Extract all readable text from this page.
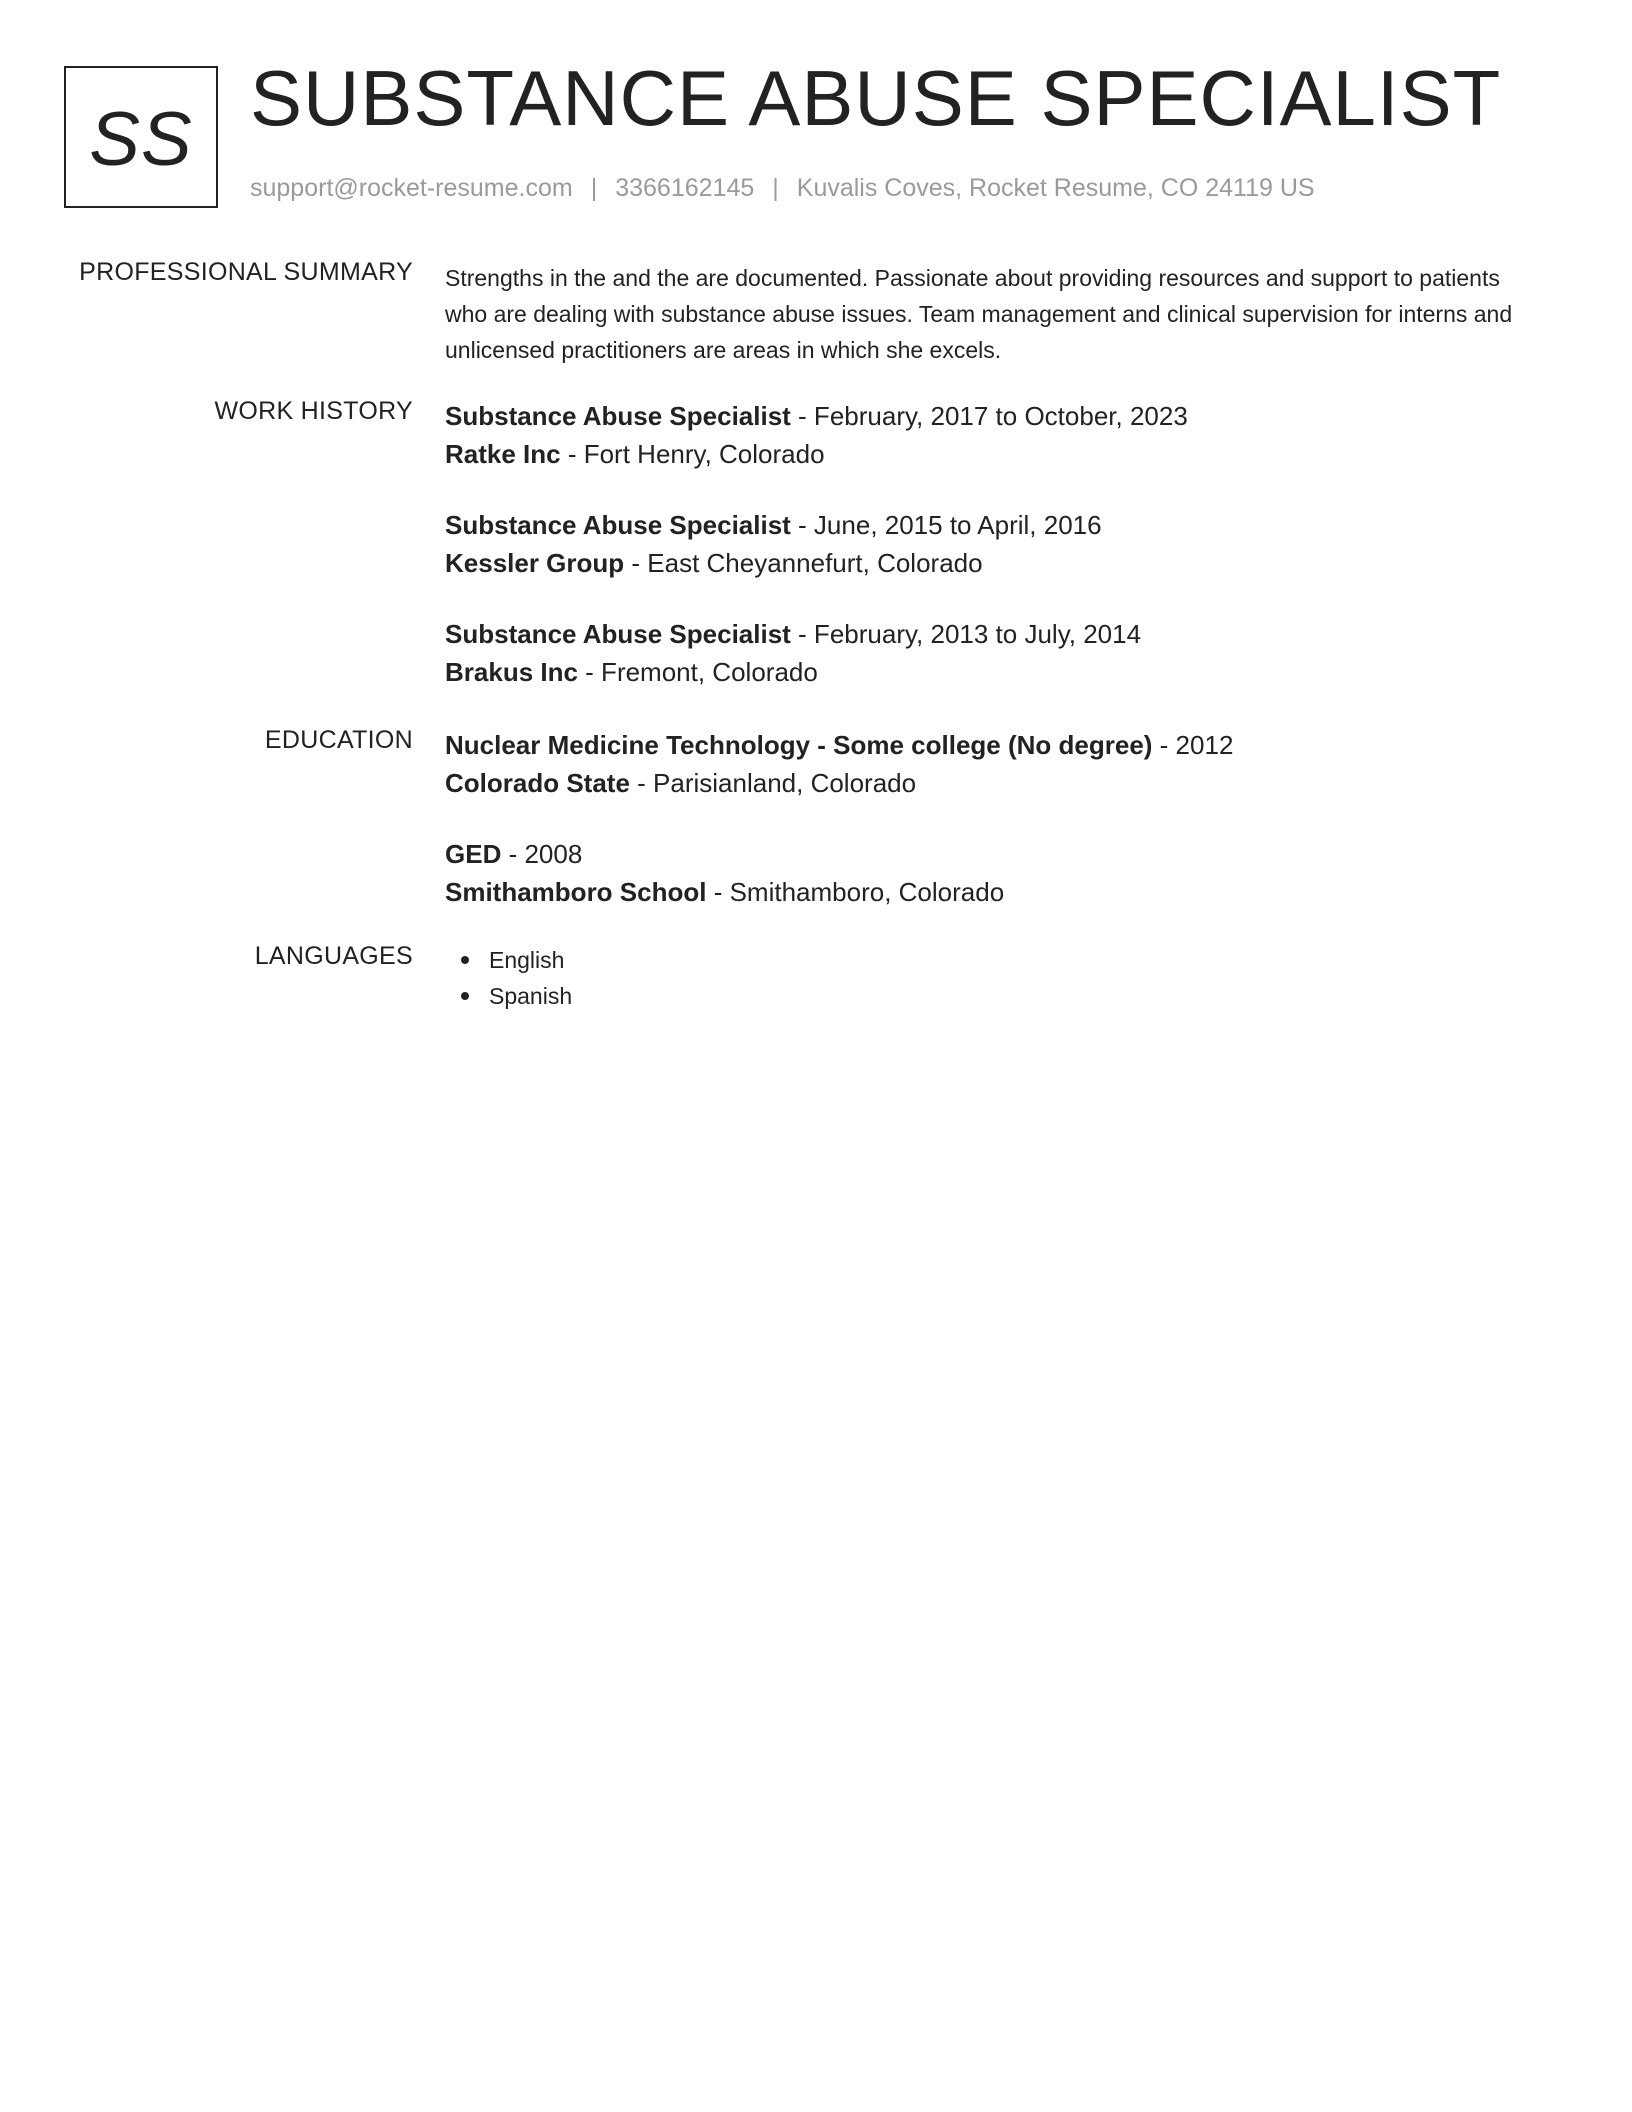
SS SUBSTANCE ABUSE SPECIALIST
support@rocket-resume.com | 3366162145 | Kuvalis Coves, Rocket Resume, CO 24119 US
PROFESSIONAL SUMMARY Strengths in the and the are documented. Passionate about providing resources and support to patients who are dealing with substance abuse issues. Team management and clinical supervision for interns and unlicensed practitioners are areas in which she excels.

WORK HISTORY Substance Abuse Specialist - February, 2017 to October, 2023
Ratke Inc - Fort Henry, Colorado
Substance Abuse Specialist - June, 2015 to April, 2016
Kessler Group - East Cheyannefurt, Colorado
Substance Abuse Specialist - February, 2013 to July, 2014
Brakus Inc - Fremont, Colorado
EDUCATION Nuclear Medicine Technology - Some college (No degree) - 2012
Colorado State - Parisianland, Colorado
GED - 2008
Smithamboro School - Smithamboro, Colorado
LANGUAGES	English
Spanish
